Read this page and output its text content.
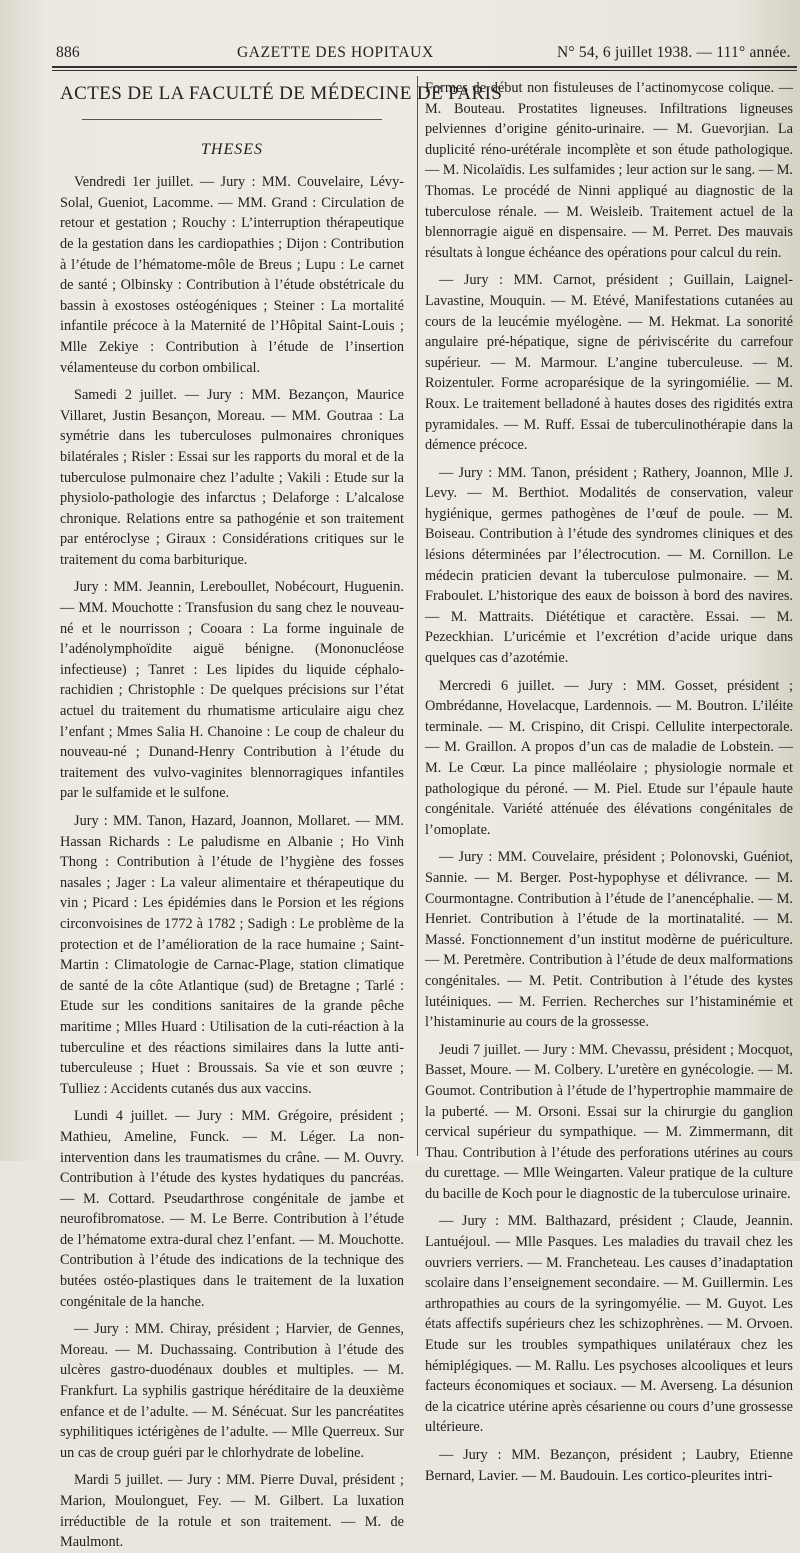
886	GAZETTE DES HOPITAUX	N° 54, 6 juillet 1938. — 111° année.

ACTES DE LA FACULTÉ DE MÉDECINE DE PARIS

THESES

Vendredi 1er juillet. — Jury : MM. Couvelaire, Lévy-Solal, Gueniot, Lacomme. — MM. Grand : Circulation de retour et gestation ; Rouchy : L’interruption thérapeutique de la gestation dans les cardiopathies ; Dijon : Contribution à l’étude de l’hématome-môle de Breus ; Lupu : Le carnet de santé ; Olbinsky : Contribution à l’étude obstétricale du bassin à exostoses ostéogéniques ; Steiner : La mortalité infantile précoce à la Maternité de l’Hôpital Saint-Louis ; Mlle Zekiye : Contribution à l’étude de l’insertion vélamenteuse du corbon ombilical.

Samedi 2 juillet. — Jury : MM. Bezançon, Maurice Villaret, Justin Besançon, Moreau. — MM. Goutraa : La symétrie dans les tuberculoses pulmonaires chroniques bilatérales ; Risler : Essai sur les rapports du moral et de la tuberculose pulmonaire chez l’adulte ; Vakili : Etude sur la physiolo-pathologie des infarctus ; Delaforge : L’alcalose chronique. Relations entre sa pathogénie et son traitement par entéroclyse ; Giraux : Considérations critiques sur le traitement du coma barbiturique.

Jury : MM. Jeannin, Lereboullet, Nobécourt, Huguenin. — MM. Mouchotte : Transfusion du sang chez le nouveau-né et le nourrisson ; Cooara : La forme inguinale de l’adénolymphoïdite aiguë bénigne. (Mononucléose infectieuse) ; Tanret : Les lipides du liquide céphalo-rachidien ; Christophle : De quelques précisions sur l’état actuel du traitement du rhumatisme articulaire aigu chez l’enfant ; Mmes Salia H. Chanoine : Le coup de chaleur du nouveau-né ; Dunand-Henry Contribution à l’étude du traitement des vulvo-vaginites blennorragiques infantiles par le sulfamide et le sulfone.

Jury : MM. Tanon, Hazard, Joannon, Mollaret. — MM. Hassan Richards : Le paludisme en Albanie ; Ho Vinh Thong : Contribution à l’étude de l’hygiène des fosses nasales ; Jager : La valeur alimentaire et thérapeutique du vin ; Picard : Les épidémies dans le Porsion et les régions circonvoisines de 1772 à 1782 ; Sadigh : Le problème de la protection et de l’amélioration de la race humaine ; Saint-Martin : Climatologie de Carnac-Plage, station climatique de santé de la côte Atlantique (sud) de Bretagne ; Tarlé : Etude sur les conditions sanitaires de la grande pêche maritime ; Mlles Huard : Utilisation de la cuti-réaction à la tuberculine et des réactions similaires dans la lutte anti-tuberculeuse ; Huet : Broussais. Sa vie et son œuvre ; Tulliez : Accidents cutanés dus aux vaccins.

Lundi 4 juillet. — Jury : MM. Grégoire, président ; Mathieu, Ameline, Funck. — M. Léger. La non-intervention dans les traumatismes du crâne. — M. Ouvry. Contribution à l’étude des kystes hydatiques du pancréas. — M. Cottard. Pseudarthrose congénitale de jambe et neurofibromatose. — M. Le Berre. Contribution à l’étude de l’hématome extra-dural chez l’enfant. — M. Mouchotte. Contribution à l’étude des indications de la technique des butées ostéo-plastiques dans le traitement de la luxation congénitale de la hanche.

— Jury : MM. Chiray, président ; Harvier, de Gennes, Moreau. — M. Duchassaing. Contribution à l’étude des ulcères gastro-duodénaux doubles et multiples. — M. Frankfurt. La syphilis gastrique héréditaire de la deuxième enfance et de l’adulte. — M. Sénécuat. Sur les pancréatites syphilitiques ictérigènes de l’adulte. — Mlle Querreux. Sur un cas de croup guéri par le chlorhydrate de lobeline.

Mardi 5 juillet. — Jury : MM. Pierre Duval, président ; Marion, Moulonguet, Fey. — M. Gilbert. La luxation irréductible de la rotule et son traitement. — M. de Maulmont.

Formes de début non fistuleuses de l’actinomycose colique. — M. Bouteau. Prostatites ligneuses. Infiltrations ligneuses pelviennes d’origine génito-urinaire. — M. Guevorjian. La duplicité réno-urétérale incomplète et son étude pathologique. — M. Nicolaïdis. Les sulfamides ; leur action sur le sang. — M. Thomas. Le procédé de Ninni appliqué au diagnostic de la tuberculose rénale. — M. Weisleib. Traitement actuel de la blennorragie aiguë en dispensaire. — M. Perret. Des mauvais résultats à longue échéance des opérations pour calcul du rein.

— Jury : MM. Carnot, président ; Guillain, Laignel-Lavastine, Mouquin. — M. Etévé, Manifestations cutanées au cours de la leucémie myélogène. — M. Hekmat. La sonorité angulaire pré-hépatique, signe de périviscérite du carrefour supérieur. — M. Marmour. L’angine tuberculeuse. — M. Roizentuler. Forme acroparésique de la syringomiélie. — M. Roux. Le traitement belladoné à hautes doses des rigidités extra pyramidales. — M. Ruff. Essai de tuberculinothérapie dans la démence précoce.

— Jury : MM. Tanon, président ; Rathery, Joannon, Mlle J. Levy. — M. Berthiot. Modalités de conservation, valeur hygiénique, germes pathogènes de l’œuf de poule. — M. Boiseau. Contribution à l’étude des syndromes cliniques et des lésions déterminées par l’électrocution. — M. Cornillon. Le médecin praticien devant la tuberculose pulmonaire. — M. Fraboulet. L’historique des eaux de boisson à bord des navires. — M. Mattraits. Diététique et caractère. Essai. — M. Pezeckhian. L’uricémie et l’excrétion d’acide urique dans quelques cas d’azotémie.

Mercredi 6 juillet. — Jury : MM. Gosset, président ; Ombrédanne, Hovelacque, Lardennois. — M. Boutron. L’iléite terminale. — M. Crispino, dit Crispi. Cellulite interpectorale. — M. Graillon. A propos d’un cas de maladie de Lobstein. — M. Le Cœur. La pince malléolaire ; physiologie normale et pathologique du péroné. — M. Piel. Etude sur l’épaule haute congénitale. Variété atténuée des élévations congénitales de l’omoplate.

— Jury : MM. Couvelaire, président ; Polonovski, Guéniot, Sannie. — M. Berger. Post-hypophyse et délivrance. — M. Courmontagne. Contribution à l’étude de l’anencéphalie. — M. Henriet. Contribution à l’étude de la mortinatalité. — M. Massé. Fonctionnement d’un institut modèrne de puériculture. — M. Peretmère. Contribution à l’étude de deux malformations congénitales. — M. Petit. Contribution à l’étude des kystes lutéiniques. — M. Ferrien. Recherches sur l’histaminémie et l’histaminurie au cours de la grossesse.

Jeudi 7 juillet. — Jury : MM. Chevassu, président ; Mocquot, Basset, Moure. — M. Colbery. L’uretère en gynécologie. — M. Goumot. Contribution à l’étude de l’hypertrophie mammaire de la puberté. — M. Orsoni. Essai sur la chirurgie du ganglion cervical supérieur du sympathique. — M. Zimmermann, dit Thau. Contribution à l’étude des perforations utérines au cours du curettage. — Mlle Weingarten. Valeur pratique de la culture du bacille de Koch pour le diagnostic de la tuberculose urinaire.

— Jury : MM. Balthazard, président ; Claude, Jeannin. Lantuéjoul. — Mlle Pasques. Les maladies du travail chez les ouvriers verriers. — M. Francheteau. Les causes d’inadaptation scolaire dans l’enseignement secondaire. — M. Guillermin. Les arthropathies au cours de la syringomyélie. — M. Guyot. Les états affectifs supérieurs chez les schizophrènes. — M. Orvoen. Etude sur les troubles sympathiques unilatéraux chez les hémiplégiques. — M. Rallu. Les psychoses alcooliques et leurs facteurs économiques et sociaux. — M. Averseng. La désunion de la cicatrice utérine après césarienne ou cours d’une grossesse ultérieure.

— Jury : MM. Bezançon, président ; Laubry, Etienne Bernard, Lavier. — M. Baudouin. Les cortico-pleurites intri-
